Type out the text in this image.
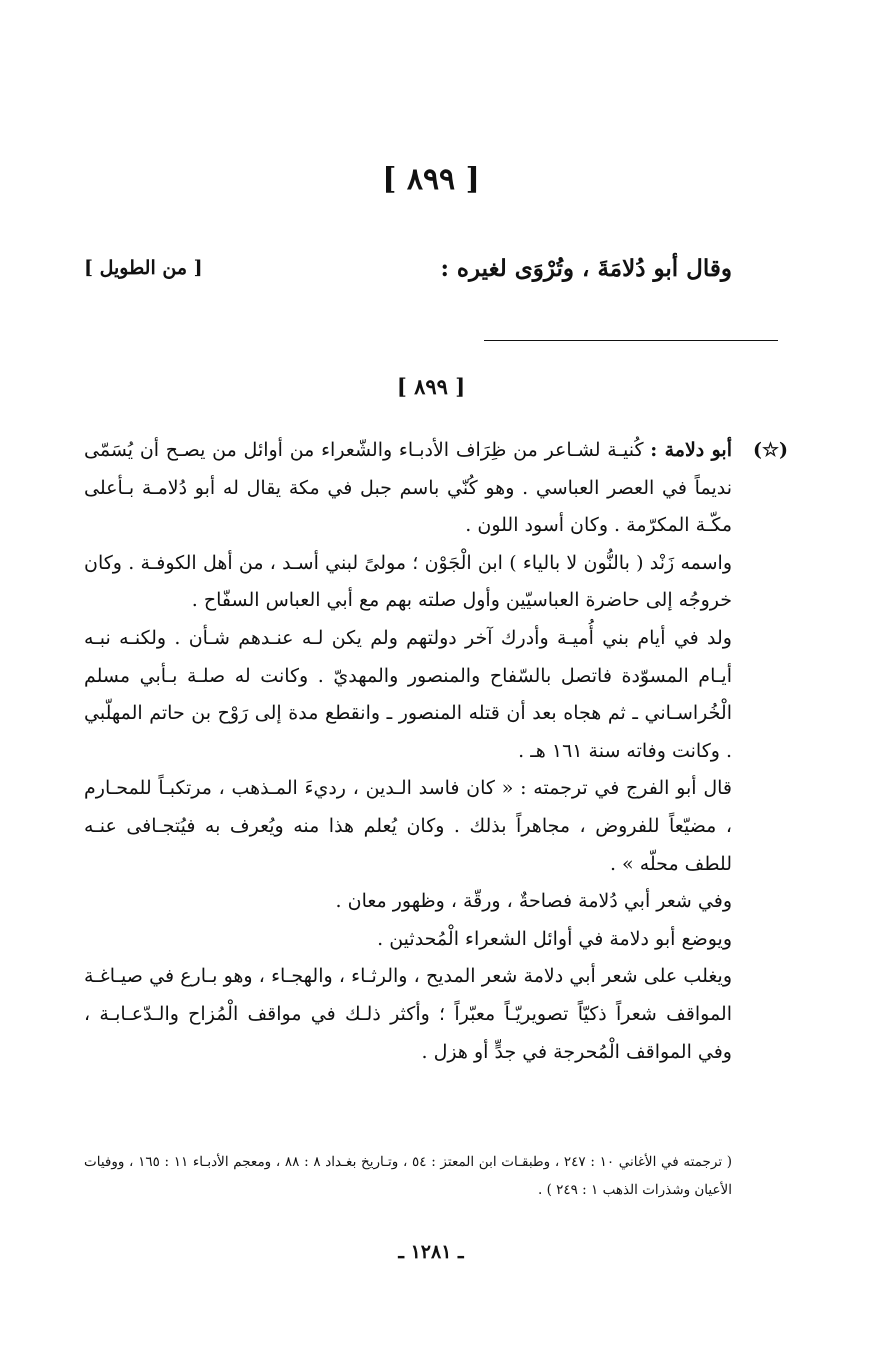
[ ٨٩٩ ]
وقال أبو دُلامَةَ ، وتُرْوَى لغيره :
[ من الطويل ]
[ ٨٩٩ ]
(☆)

أبو دلامة : كُنيـة لشـاعر من ظِرَاف الأدبـاء والشّعراء من أوائل من يصـح أن يُسَمّى نديماً في العصر العباسي . وهو كُنّي باسم جبل في مكة يقال له أبو دُلامـة بـأعلى مكّـة المكرّمة . وكان أسود اللون .

واسمه زَنْد ( بالنُّون لا بالياء ) ابن الْجَوْن ؛ مولىً لبني أسـد ، من أهل الكوفـة . وكان خروجُه إلى حاضرة العباسيّين وأول صلته بهم مع أبي العباس السفّاح .

ولد في أيام بني أُميـة وأدرك آخر دولتهم ولم يكن لـه عنـدهم شـأن . ولكنـه نبـه أيـام المسوّدة فاتصل بالسّفاح والمنصور والمهديّ . وكانت له صلـة بـأبي مسلم الْخُراسـاني ـ ثم هجاه بعد أن قتله المنصور ـ وانقطع مدة إلى رَوْح بن حاتم المهلّبي . وكانت وفاته سنة ١٦١ هـ .

قال أبو الفرج في ترجمته : « كان فاسد الـدين ، رديءَ المـذهب ، مرتكبـاً للمحـارم ، مضيّعاً للفروض ، مجاهراً بذلك . وكان يُعلم هذا منه ويُعرف به فيُتجـافى عنـه للطف محلّه » .

وفي شعر أبي دُلامة فصاحةٌ ، ورقّة ، وظهور معان .

ويوضع أبو دلامة في أوائل الشعراء الْمُحدثين .

ويغلب على شعر أبي دلامة شعر المديح ، والرثـاء ، والهجـاء ، وهو بـارع في صيـاغـة المواقف شعراً ذكيّاً تصويريّـاً معبّراً ؛ وأكثر ذلـك في مواقف الْمُزاح والـدّعـابـة ، وفي المواقف الْمُحرجة في جدٍّ أو هزل .

( ترجمته في الأغاني ١٠ : ٢٤٧ ، وطبقـات ابن المعتز : ٥٤ ، وتـاريخ بغـداد ٨ : ٨٨ ، ومعجم الأدبـاء ١١ : ١٦٥ ، ووفيات الأعيان وشذرات الذهب ١ : ٢٤٩ ) .

ـ ١٢٨١ ـ
